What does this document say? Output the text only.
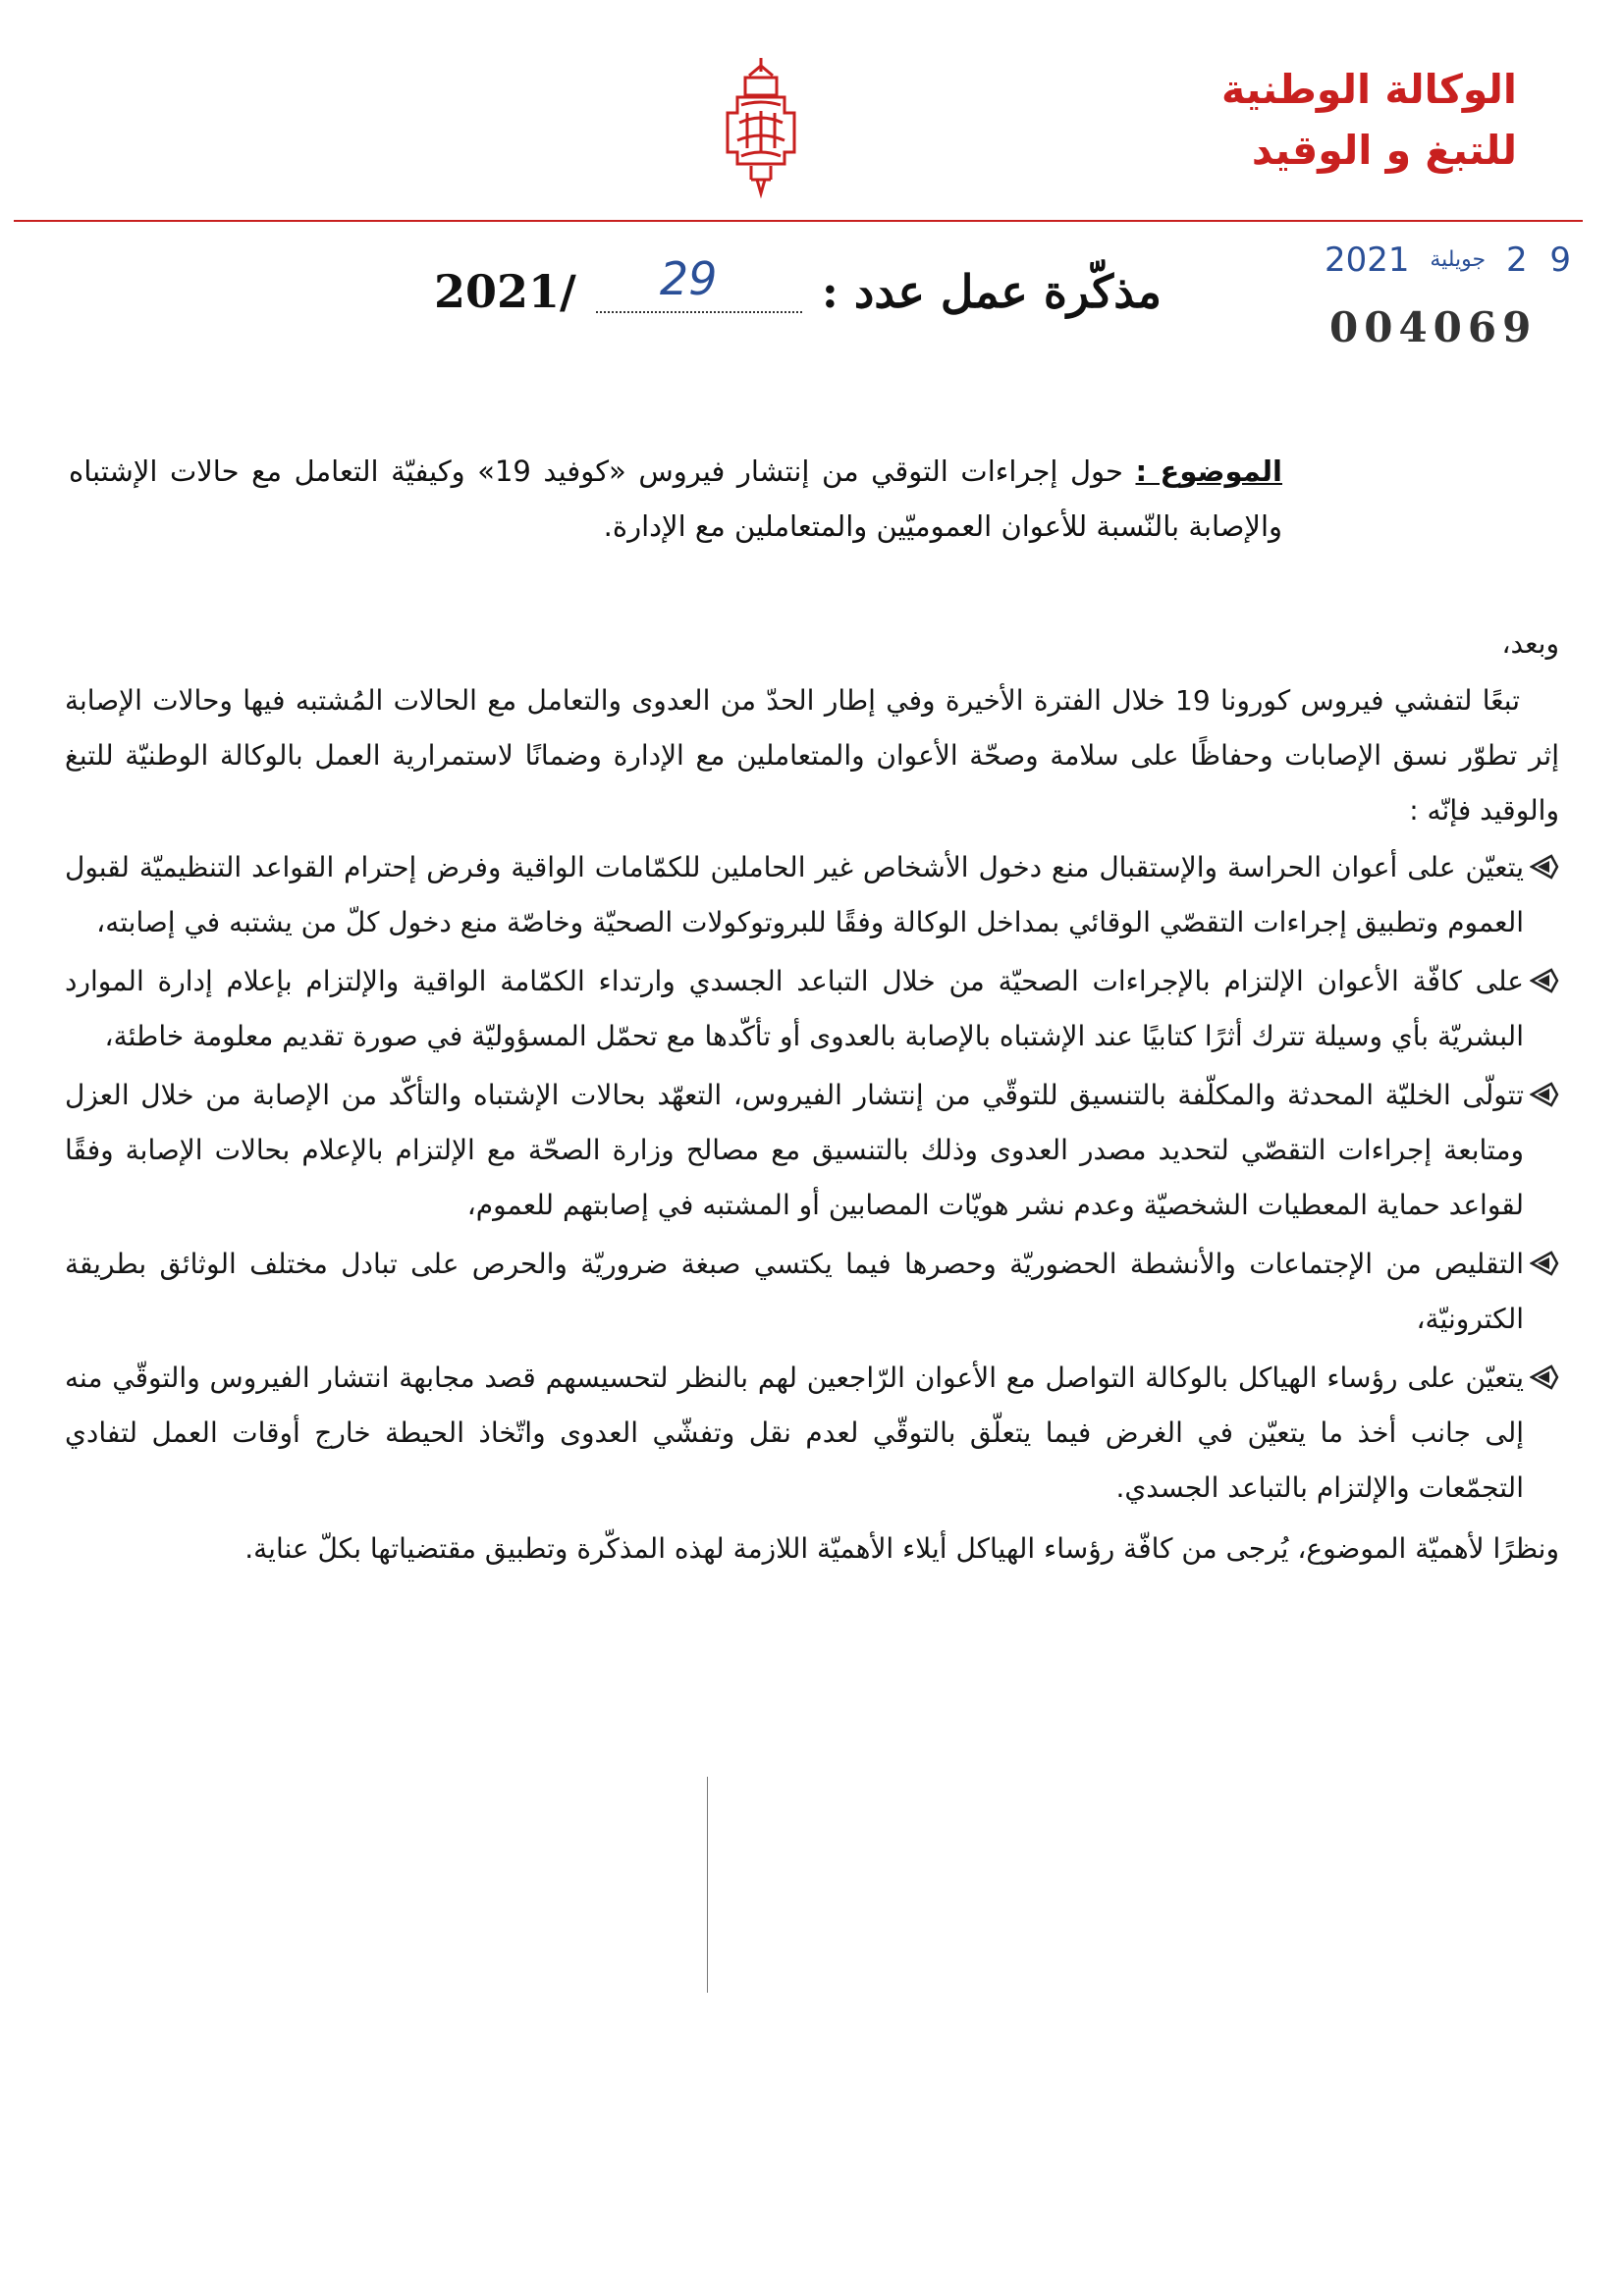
الوكالة الوطنية
للتبغ و الوقيد
2021 جويلية 2 9
004069
مذكّرة عمل عدد :
29
2021/
الموضوع : حول إجراءات التوقي من إنتشار فيروس «كوفيد 19» وكيفيّة التعامل مع حالات الإشتباه والإصابة بالنّسبة للأعوان العموميّين والمتعاملين مع الإدارة.

وبعد،

تبعًا لتفشي فيروس كورونا 19 خلال الفترة الأخيرة وفي إطار الحدّ من العدوى والتعامل مع الحالات المُشتبه فيها وحالات الإصابة إثر تطوّر نسق الإصابات وحفاظًا على سلامة وصحّة الأعوان والمتعاملين مع الإدارة وضمانًا لاستمرارية العمل بالوكالة الوطنيّة للتبغ والوقيد فإنّه :

يتعيّن على أعوان الحراسة والإستقبال منع دخول الأشخاص غير الحاملين للكمّامات الواقية وفرض إحترام القواعد التنظيميّة لقبول العموم وتطبيق إجراءات التقصّي الوقائي بمداخل الوكالة وفقًا للبروتوكولات الصحيّة وخاصّة منع دخول كلّ من يشتبه في إصابته،
على كافّة الأعوان الإلتزام بالإجراءات الصحيّة من خلال التباعد الجسدي وارتداء الكمّامة الواقية والإلتزام بإعلام إدارة الموارد البشريّة بأي وسيلة تترك أثرًا كتابيًا عند الإشتباه بالإصابة بالعدوى أو تأكّدها مع تحمّل المسؤوليّة في صورة تقديم معلومة خاطئة،
تتولّى الخليّة المحدثة والمكلّفة بالتنسيق للتوقّي من إنتشار الفيروس، التعهّد بحالات الإشتباه والتأكّد من الإصابة من خلال العزل ومتابعة إجراءات التقصّي لتحديد مصدر العدوى وذلك بالتنسيق مع مصالح وزارة الصحّة مع الإلتزام بالإعلام بحالات الإصابة وفقًا لقواعد حماية المعطيات الشخصيّة وعدم نشر هويّات المصابين أو المشتبه في إصابتهم للعموم،
التقليص من الإجتماعات والأنشطة الحضوريّة وحصرها فيما يكتسي صبغة ضروريّة والحرص على تبادل مختلف الوثائق بطريقة الكترونيّة،
يتعيّن على رؤساء الهياكل بالوكالة التواصل مع الأعوان الرّاجعين لهم بالنظر لتحسيسهم قصد مجابهة انتشار الفيروس والتوقّي منه إلى جانب أخذ ما يتعيّن في الغرض فيما يتعلّق بالتوقّي لعدم نقل وتفشّي العدوى واتّخاذ الحيطة خارج أوقات العمل لتفادي التجمّعات والإلتزام بالتباعد الجسدي.

ونظرًا لأهميّة الموضوع، يُرجى من كافّة رؤساء الهياكل أيلاء الأهميّة اللازمة لهذه المذكّرة وتطبيق مقتضياتها بكلّ عناية.
